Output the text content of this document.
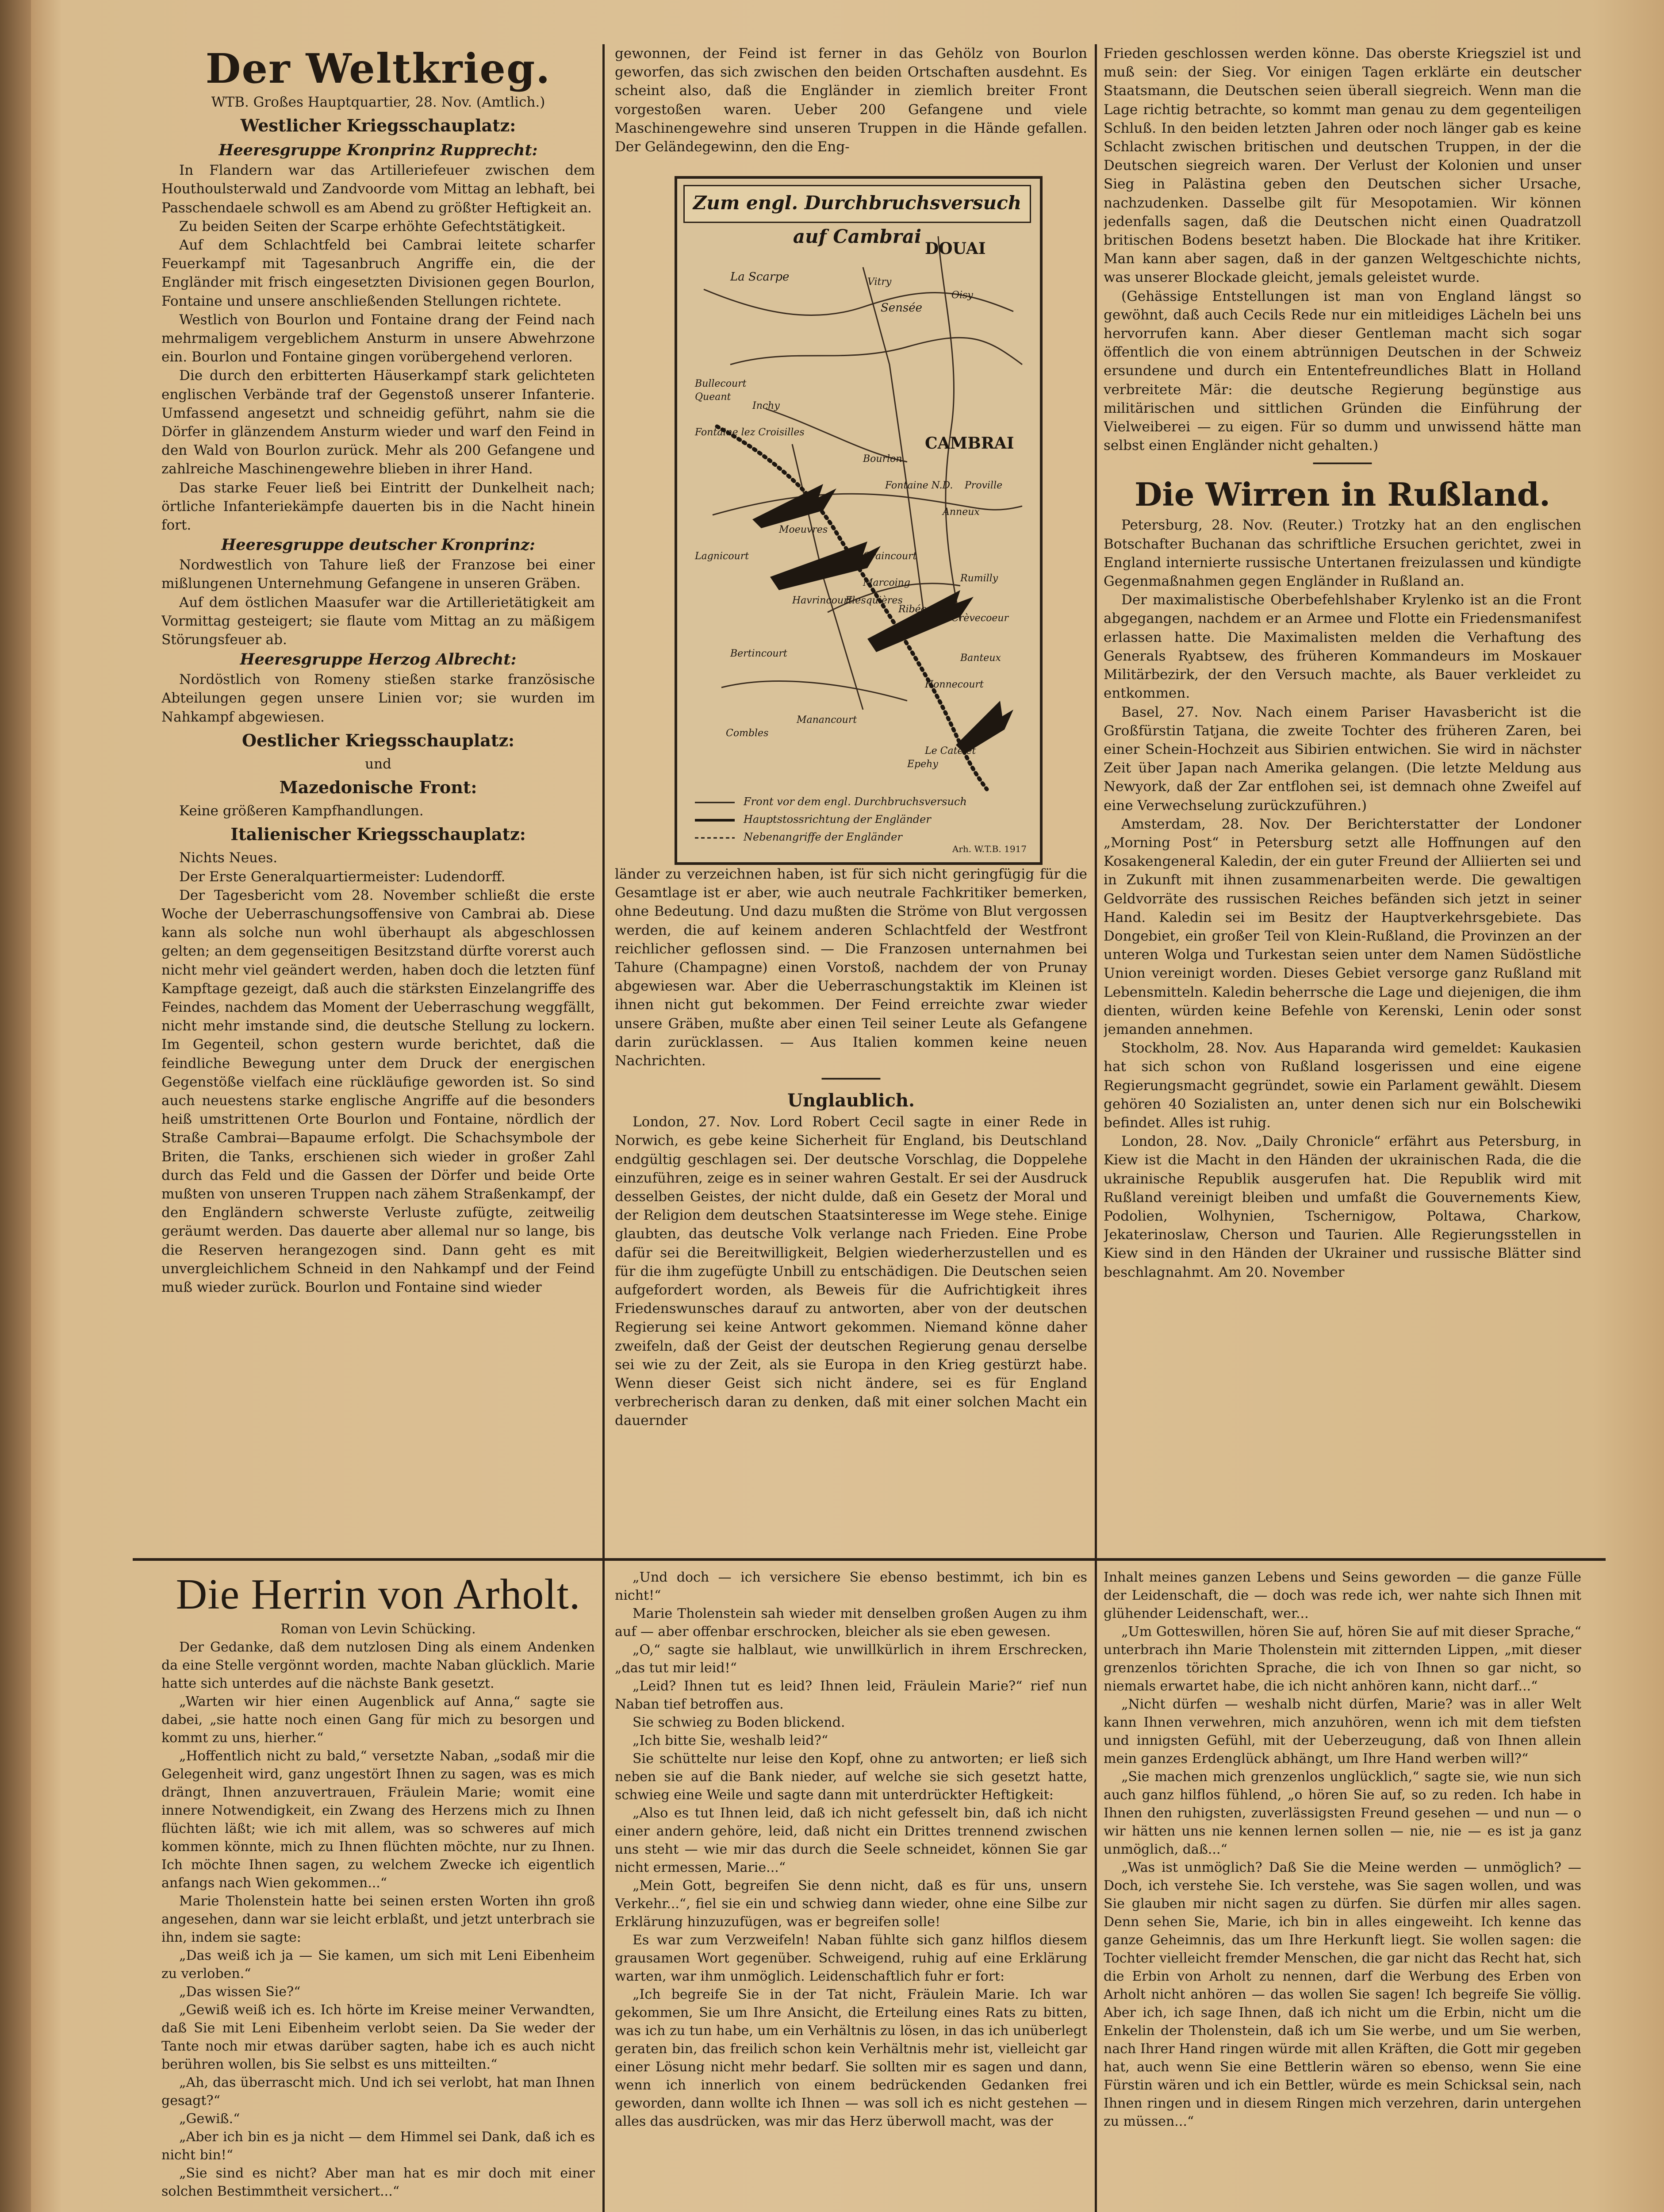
Der Weltkrieg.

WTB. Großes Hauptquartier, 28. Nov. (Amtlich.)

Westlicher Kriegsschauplatz:
Heeresgruppe Kronprinz Rupprecht:

In Flandern war das Artilleriefeuer zwischen dem Houthoulsterwald und Zandvoorde vom Mittag an lebhaft, bei Passchendaele schwoll es am Abend zu größter Heftigkeit an.

Zu beiden Seiten der Scarpe erhöhte Gefechtstätigkeit.

Auf dem Schlachtfeld bei Cambrai leitete scharfer Feuerkampf mit Tagesanbruch Angriffe ein, die der Engländer mit frisch eingesetzten Divisionen gegen Bourlon, Fontaine und unsere anschließenden Stellungen richtete.

Westlich von Bourlon und Fontaine drang der Feind nach mehrmaligem vergeblichem Ansturm in unsere Abwehrzone ein. Bourlon und Fontaine gingen vorübergehend verloren.

Die durch den erbitterten Häuserkampf stark gelichteten englischen Verbände traf der Gegenstoß unserer Infanterie. Umfassend angesetzt und schneidig geführt, nahm sie die Dörfer in glänzendem Ansturm wieder und warf den Feind in den Wald von Bourlon zurück. Mehr als 200 Gefangene und zahlreiche Maschinengewehre blieben in ihrer Hand.

Das starke Feuer ließ bei Eintritt der Dunkelheit nach; örtliche Infanteriekämpfe dauerten bis in die Nacht hinein fort.

Heeresgruppe deutscher Kronprinz:

Nordwestlich von Tahure ließ der Franzose bei einer mißlungenen Unternehmung Gefangene in unseren Gräben.

Auf dem östlichen Maasufer war die Artillerietätigkeit am Vormittag gesteigert; sie flaute vom Mittag an zu mäßigem Störungsfeuer ab.

Heeresgruppe Herzog Albrecht:

Nordöstlich von Romeny stießen starke französische Abteilungen gegen unsere Linien vor; sie wurden im Nahkampf abgewiesen.

Oestlicher Kriegsschauplatz:

und

Mazedonische Front:

Keine größeren Kampfhandlungen.

Italienischer Kriegsschauplatz:

Nichts Neues.

Der Erste Generalquartiermeister: Ludendorff.

Der Tagesbericht vom 28. November schließt die erste Woche der Ueberraschungsoffensive von Cambrai ab. Diese kann als solche nun wohl überhaupt als abgeschlossen gelten; an dem gegenseitigen Besitzstand dürfte vorerst auch nicht mehr viel geändert werden, haben doch die letzten fünf Kampftage gezeigt, daß auch die stärksten Einzelangriffe des Feindes, nachdem das Moment der Ueberraschung weggfällt, nicht mehr imstande sind, die deutsche Stellung zu lockern. Im Gegenteil, schon gestern wurde berichtet, daß die feindliche Bewegung unter dem Druck der energischen Gegenstöße vielfach eine rückläufige geworden ist. So sind auch neuestens starke englische Angriffe auf die besonders heiß umstrittenen Orte Bourlon und Fontaine, nördlich der Straße Cambrai—Bapaume erfolgt. Die Schachsymbole der Briten, die Tanks, erschienen sich wieder in großer Zahl durch das Feld und die Gassen der Dörfer und beide Orte mußten von unseren Truppen nach zähem Straßenkampf, der den Engländern schwerste Verluste zufügte, zeitweilig geräumt werden. Das dauerte aber allemal nur so lange, bis die Reserven herangezogen sind. Dann geht es mit unvergleichlichem Schneid in den Nahkampf und der Feind muß wieder zurück. Bourlon und Fontaine sind wieder

gewonnen, der Feind ist ferner in das Gehölz von Bourlon geworfen, das sich zwischen den beiden Ortschaften ausdehnt. Es scheint also, daß die Engländer in ziemlich breiter Front vorgestoßen waren. Ueber 200 Gefangene und viele Maschinengewehre sind unseren Truppen in die Hände gefallen. Der Geländegewinn, den die Eng-

Zum engl. Durchbruchsversuch auf Cambrai
DOUAI
La Scarpe	Vitry
Sensée
Oisy
Bullecourt
Queant
Inchy
Fontaine lez Croisilles
CAMBRAI
Bourlon
Fontaine N.D. Proville
Anneux
Lagnicourt
Moeuvres
Graincourt
Marcoing	Rumilly
Flesquières
Havrincourt
Ribécourt
Crèvecoeur
Bertincourt	Banteux
Honnecourt
Combles
Manancourt
Epehy
Le Catelet
Front vor dem engl. Durchbruchsversuch
Hauptstossrichtung der Engländer
Nebenangriffe der Engländer
Arh. W.T.B. 1917

länder zu verzeichnen haben, ist für sich nicht geringfügig für die Gesamtlage ist er aber, wie auch neutrale Fachkritiker bemerken, ohne Bedeutung. Und dazu mußten die Ströme von Blut vergossen werden, die auf keinem anderen Schlachtfeld der Westfront reichlicher geflossen sind. — Die Franzosen unternahmen bei Tahure (Champagne) einen Vorstoß, nachdem der von Prunay abgewiesen war. Aber die Ueberraschungstaktik im Kleinen ist ihnen nicht gut bekommen. Der Feind erreichte zwar wieder unsere Gräben, mußte aber einen Teil seiner Leute als Gefangene darin zurücklassen. — Aus Italien kommen keine neuen Nachrichten.

━━━━━━━━━━
Unglaublich.

London, 27. Nov. Lord Robert Cecil sagte in einer Rede in Norwich, es gebe keine Sicherheit für England, bis Deutschland endgültig geschlagen sei. Der deutsche Vorschlag, die Doppelehe einzuführen, zeige es in seiner wahren Gestalt. Er sei der Ausdruck desselben Geistes, der nicht dulde, daß ein Gesetz der Moral und der Religion dem deutschen Staatsinteresse im Wege stehe. Einige glaubten, das deutsche Volk verlange nach Frieden. Eine Probe dafür sei die Bereitwilligkeit, Belgien wiederherzustellen und es für die ihm zugefügte Unbill zu entschädigen. Die Deutschen seien aufgefordert worden, als Beweis für die Aufrichtigkeit ihres Friedenswunsches darauf zu antworten, aber von der deutschen Regierung sei keine Antwort gekommen. Niemand könne daher zweifeln, daß der Geist der deutschen Regierung genau derselbe sei wie zu der Zeit, als sie Europa in den Krieg gestürzt habe. Wenn dieser Geist sich nicht ändere, sei es für England verbrecherisch daran zu denken, daß mit einer solchen Macht ein dauernder

Frieden geschlossen werden könne. Das oberste Kriegsziel ist und muß sein: der Sieg. Vor einigen Tagen erklärte ein deutscher Staatsmann, die Deutschen seien überall siegreich. Wenn man die Lage richtig betrachte, so kommt man genau zu dem gegenteiligen Schluß. In den beiden letzten Jahren oder noch länger gab es keine Schlacht zwischen britischen und deutschen Truppen, in der die Deutschen siegreich waren. Der Verlust der Kolonien und unser Sieg in Palästina geben den Deutschen sicher Ursache, nachzudenken. Dasselbe gilt für Mesopotamien. Wir können jedenfalls sagen, daß die Deutschen nicht einen Quadratzoll britischen Bodens besetzt haben. Die Blockade hat ihre Kritiker. Man kann aber sagen, daß in der ganzen Weltgeschichte nichts, was unserer Blockade gleicht, jemals geleistet wurde.

(Gehässige Entstellungen ist man von England längst so gewöhnt, daß auch Cecils Rede nur ein mitleidiges Lächeln bei uns hervorrufen kann. Aber dieser Gentleman macht sich sogar öffentlich die von einem abtrünnigen Deutschen in der Schweiz ersundene und durch ein Ententefreundliches Blatt in Holland verbreitete Mär: die deutsche Regierung begünstige aus militärischen und sittlichen Gründen die Einführung der Vielweiberei — zu eigen. Für so dumm und unwissend hätte man selbst einen Engländer nicht gehalten.)

━━━━━━━━━━
Die Wirren in Rußland.

Petersburg, 28. Nov. (Reuter.) Trotzky hat an den englischen Botschafter Buchanan das schriftliche Ersuchen gerichtet, zwei in England internierte russische Untertanen freizulassen und kündigte Gegenmaßnahmen gegen Engländer in Rußland an.

Der maximalistische Oberbefehlshaber Krylenko ist an die Front abgegangen, nachdem er an Armee und Flotte ein Friedensmanifest erlassen hatte. Die Maximalisten melden die Verhaftung des Generals Ryabtsew, des früheren Kommandeurs im Moskauer Militärbezirk, der den Versuch machte, als Bauer verkleidet zu entkommen.

Basel, 27. Nov. Nach einem Pariser Havasbericht ist die Großfürstin Tatjana, die zweite Tochter des früheren Zaren, bei einer Schein-Hochzeit aus Sibirien entwichen. Sie wird in nächster Zeit über Japan nach Amerika gelangen. (Die letzte Meldung aus Newyork, daß der Zar entflohen sei, ist demnach ohne Zweifel auf eine Verwechselung zurückzuführen.)

Amsterdam, 28. Nov. Der Berichterstatter der Londoner „Morning Post“ in Petersburg setzt alle Hoffnungen auf den Kosakengeneral Kaledin, der ein guter Freund der Alliierten sei und in Zukunft mit ihnen zusammenarbeiten werde. Die gewaltigen Geldvorräte des russischen Reiches befänden sich jetzt in seiner Hand. Kaledin sei im Besitz der Hauptverkehrsgebiete. Das Dongebiet, ein großer Teil von Klein-Rußland, die Provinzen an der unteren Wolga und Turkestan seien unter dem Namen Südöstliche Union vereinigt worden. Dieses Gebiet versorge ganz Rußland mit Lebensmitteln. Kaledin beherrsche die Lage und diejenigen, die ihm dienten, würden keine Befehle von Kerenski, Lenin oder sonst jemanden annehmen.

Stockholm, 28. Nov. Aus Haparanda wird gemeldet: Kaukasien hat sich schon von Rußland losgerissen und eine eigene Regierungsmacht gegründet, sowie ein Parlament gewählt. Diesem gehören 40 Sozialisten an, unter denen sich nur ein Bolschewiki befindet. Alles ist ruhig.

London, 28. Nov. „Daily Chronicle“ erfährt aus Petersburg, in Kiew ist die Macht in den Händen der ukrainischen Rada, die die ukrainische Republik ausgerufen hat. Die Republik wird mit Rußland vereinigt bleiben und umfaßt die Gouvernements Kiew, Podolien, Wolhynien, Tschernigow, Poltawa, Charkow, Jekaterinoslaw, Cherson und Taurien. Alle Regierungsstellen in Kiew sind in den Händen der Ukrainer und russische Blätter sind beschlagnahmt. Am 20. November

Die Herrin von Arholt.
Roman von Levin Schücking.

Der Gedanke, daß dem nutzlosen Ding als einem Andenken da eine Stelle vergönnt worden, machte Naban glücklich. Marie hatte sich unterdes auf die nächste Bank gesetzt.

„Warten wir hier einen Augenblick auf Anna,“ sagte sie dabei, „sie hatte noch einen Gang für mich zu besorgen und kommt zu uns, hierher.“

„Hoffentlich nicht zu bald,“ versetzte Naban, „sodaß mir die Gelegenheit wird, ganz ungestört Ihnen zu sagen, was es mich drängt, Ihnen anzuvertrauen, Fräulein Marie; womit eine innere Notwendigkeit, ein Zwang des Herzens mich zu Ihnen flüchten läßt; wie ich mit allem, was so schweres auf mich kommen könnte, mich zu Ihnen flüchten möchte, nur zu Ihnen. Ich möchte Ihnen sagen, zu welchem Zwecke ich eigentlich anfangs nach Wien gekommen...“

Marie Tholenstein hatte bei seinen ersten Worten ihn groß angesehen, dann war sie leicht erblaßt, und jetzt unterbrach sie ihn, indem sie sagte:

„Das weiß ich ja — Sie kamen, um sich mit Leni Eibenheim zu verloben.“

„Das wissen Sie?“

„Gewiß weiß ich es. Ich hörte im Kreise meiner Verwandten, daß Sie mit Leni Eibenheim verlobt seien. Da Sie weder der Tante noch mir etwas darüber sagten, habe ich es auch nicht berühren wollen, bis Sie selbst es uns mitteilten.“

„Ah, das überrascht mich. Und ich sei verlobt, hat man Ihnen gesagt?“

„Gewiß.“

„Aber ich bin es ja nicht — dem Himmel sei Dank, daß ich es nicht bin!“

„Sie sind es nicht? Aber man hat es mir doch mit einer solchen Bestimmtheit versichert...“

„Und doch — ich versichere Sie ebenso bestimmt, ich bin es nicht!“

Marie Tholenstein sah wieder mit denselben großen Augen zu ihm auf — aber offenbar erschrocken, bleicher als sie eben gewesen.

„O,“ sagte sie halblaut, wie unwillkürlich in ihrem Erschrecken, „das tut mir leid!“

„Leid? Ihnen tut es leid? Ihnen leid, Fräulein Marie?“ rief nun Naban tief betroffen aus.

Sie schwieg zu Boden blickend.

„Ich bitte Sie, weshalb leid?“

Sie schüttelte nur leise den Kopf, ohne zu antworten; er ließ sich neben sie auf die Bank nieder, auf welche sie sich gesetzt hatte, schwieg eine Weile und sagte dann mit unterdrückter Heftigkeit:

„Also es tut Ihnen leid, daß ich nicht gefesselt bin, daß ich nicht einer andern gehöre, leid, daß nicht ein Drittes trennend zwischen uns steht — wie mir das durch die Seele schneidet, können Sie gar nicht ermessen, Marie...“

„Mein Gott, begreifen Sie denn nicht, daß es für uns, unsern Verkehr...“, fiel sie ein und schwieg dann wieder, ohne eine Silbe zur Erklärung hinzuzufügen, was er begreifen solle!

Es war zum Verzweifeln! Naban fühlte sich ganz hilflos diesem grausamen Wort gegenüber. Schweigend, ruhig auf eine Erklärung warten, war ihm unmöglich. Leidenschaftlich fuhr er fort:

„Ich begreife Sie in der Tat nicht, Fräulein Marie. Ich war gekommen, Sie um Ihre Ansicht, die Erteilung eines Rats zu bitten, was ich zu tun habe, um ein Verhältnis zu lösen, in das ich unüberlegt geraten bin, das freilich schon kein Verhältnis mehr ist, vielleicht gar einer Lösung nicht mehr bedarf. Sie sollten mir es sagen und dann, wenn ich innerlich von einem bedrückenden Gedanken frei geworden, dann wollte ich Ihnen — was soll ich es nicht gestehen — alles das ausdrücken, was mir das Herz überwoll macht, was der

Inhalt meines ganzen Lebens und Seins geworden — die ganze Fülle der Leidenschaft, die — doch was rede ich, wer nahte sich Ihnen mit glühender Leidenschaft, wer...

„Um Gotteswillen, hören Sie auf, hören Sie auf mit dieser Sprache,“ unterbrach ihn Marie Tholenstein mit zitternden Lippen, „mit dieser grenzenlos törichten Sprache, die ich von Ihnen so gar nicht, so niemals erwartet habe, die ich nicht anhören kann, nicht darf...“

„Nicht dürfen — weshalb nicht dürfen, Marie? was in aller Welt kann Ihnen verwehren, mich anzuhören, wenn ich mit dem tiefsten und innigsten Gefühl, mit der Ueberzeugung, daß von Ihnen allein mein ganzes Erdenglück abhängt, um Ihre Hand werben will?“

„Sie machen mich grenzenlos unglücklich,“ sagte sie, wie nun sich auch ganz hilflos fühlend, „o hören Sie auf, so zu reden. Ich habe in Ihnen den ruhigsten, zuverlässigsten Freund gesehen — und nun — o wir hätten uns nie kennen lernen sollen — nie, nie — es ist ja ganz unmöglich, daß...“

„Was ist unmöglich? Daß Sie die Meine werden — unmöglich? — Doch, ich verstehe Sie. Ich verstehe, was Sie sagen wollen, und was Sie glauben mir nicht sagen zu dürfen. Sie dürfen mir alles sagen. Denn sehen Sie, Marie, ich bin in alles eingeweiht. Ich kenne das ganze Geheimnis, das um Ihre Herkunft liegt. Sie wollen sagen: die Tochter vielleicht fremder Menschen, die gar nicht das Recht hat, sich die Erbin von Arholt zu nennen, darf die Werbung des Erben von Arholt nicht anhören — das wollen Sie sagen! Ich begreife Sie völlig. Aber ich, ich sage Ihnen, daß ich nicht um die Erbin, nicht um die Enkelin der Tholenstein, daß ich um Sie werbe, und um Sie werben, nach Ihrer Hand ringen würde mit allen Kräften, die Gott mir gegeben hat, auch wenn Sie eine Bettlerin wären so ebenso, wenn Sie eine Fürstin wären und ich ein Bettler, würde es mein Schicksal sein, nach Ihnen ringen und in diesem Ringen mich verzehren, darin untergehen zu müssen...“
